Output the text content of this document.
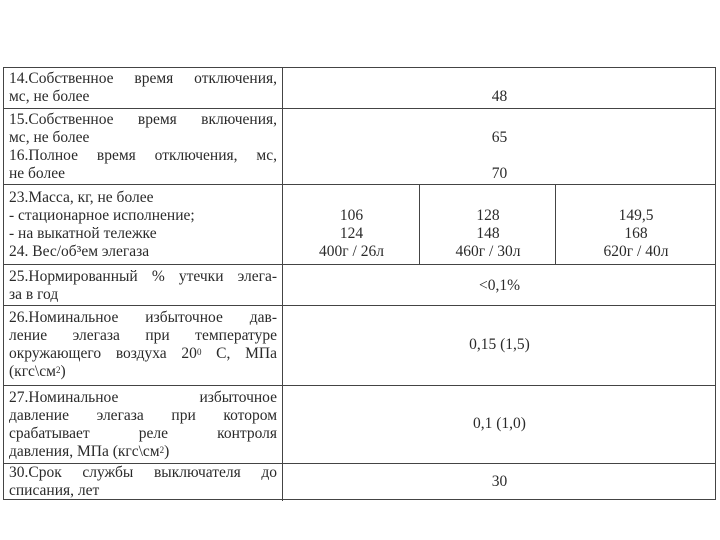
14.Собственное время отключения,
мс, не более	48
15.Собственное время включения,
мс, не более
16.Полное время отключения, мс,
не более
65
70
23.Масса, кг, не более
- стационарное исполнение;
- на выкатной тележке
24. Вес/об³ем элегаза
106
124
400г / 26л
128
148
460г / 30л
149,5
168
620г / 40л
25.Нормированный % утечки элега-
за в год
<0,1%
26.Номинальное избыточное дав-
ление элегаза при температуре
окружающего воздуха $20^0$ С, МПа
$(кгс\backslash см^2)$
0,15 (1,5)
27.Номинальное избыточное
давление элегаза при котором
срабатывает реле контроля
давления, МПа $(кгс\backslash см^2)$
0,1 (1,0)
30.Срок службы выключателя до
списания, лет
30
